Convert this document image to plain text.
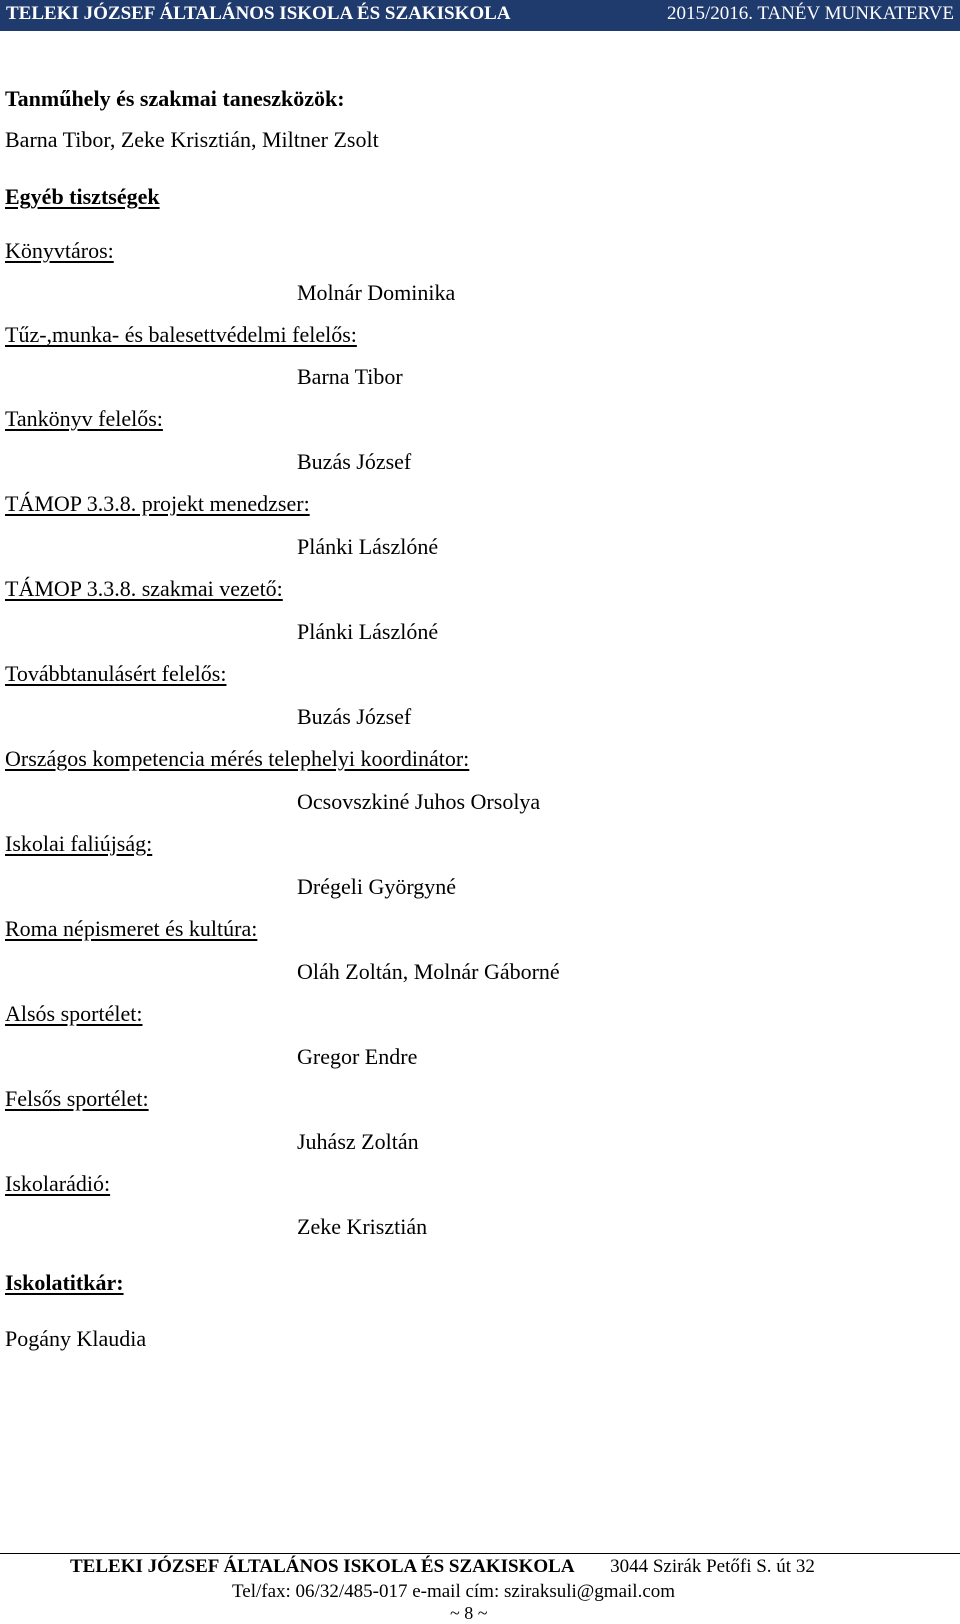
TELEKI JÓZSEF ÁLTALÁNOS ISKOLA ÉS SZAKISKOLA	2015/2016. TANÉV MUNKATERVE
Tanműhely és szakmai taneszközök:
Barna Tibor, Zeke Krisztián, Miltner Zsolt
Egyéb tisztségek
Könyvtáros:
Molnár Dominika
Tűz-,munka- és balesettvédelmi felelős:
Barna Tibor
Tankönyv felelős:
Buzás József
TÁMOP 3.3.8. projekt menedzser:
Plánki Lászlóné
TÁMOP 3.3.8. szakmai vezető:
Plánki Lászlóné
Továbbtanulásért felelős:
Buzás József
Országos kompetencia mérés telephelyi koordinátor:
Ocsovszkiné Juhos Orsolya
Iskolai faliújság:
Drégeli Györgyné
Roma népismeret és kultúra:
Oláh Zoltán, Molnár Gáborné
Alsós sportélet:
Gregor Endre
Felsős sportélet:
Juhász Zoltán
Iskolarádió:
Zeke Krisztián
Iskolatitkár:
Pogány Klaudia
TELEKI JÓZSEF ÁLTALÁNOS ISKOLA ÉS SZAKISKOLA 3044 Szirák Petőfi S. út 32
Tel/fax: 06/32/485-017 e-mail cím: sziraksuli@gmail.com
~ 8 ~
